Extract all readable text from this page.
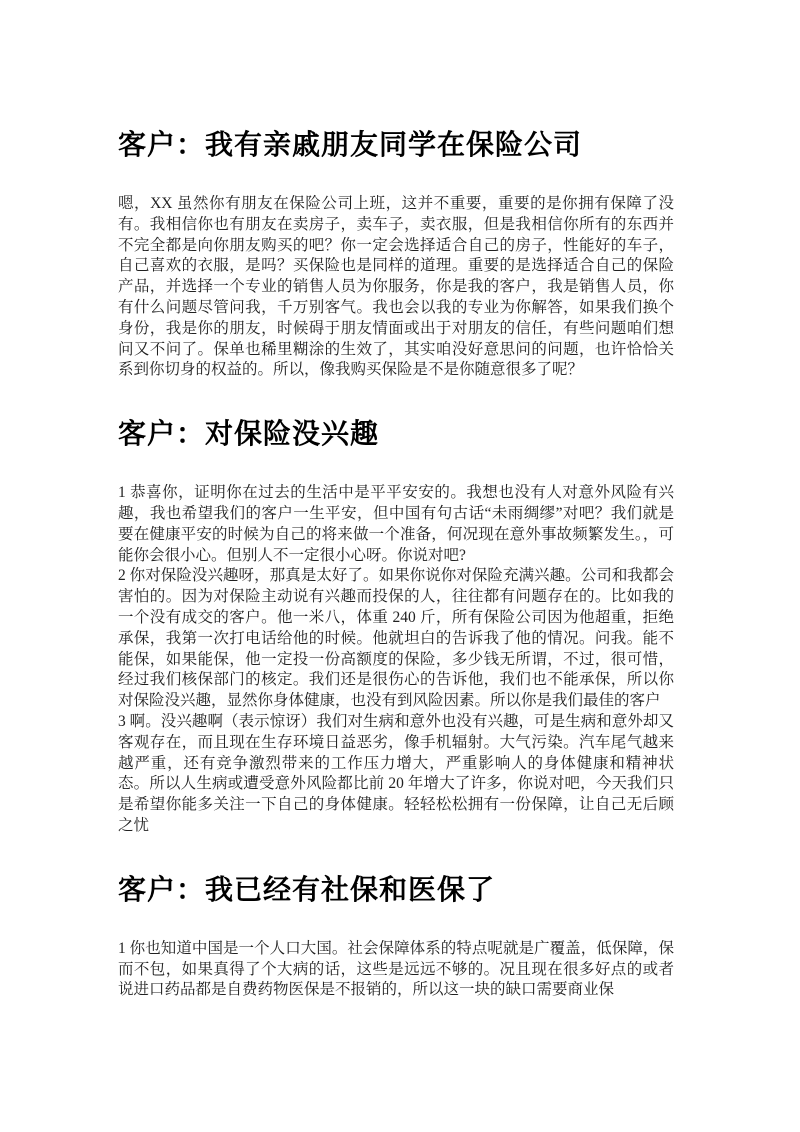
客户：我有亲戚朋友同学在保险公司

嗯，XX 虽然你有朋友在保险公司上班，这并不重要，重要的是你拥有保障了没有。我相信你也有朋友在卖房子，卖车子，卖衣服，但是我相信你所有的东西并不完全都是向你朋友购买的吧？你一定会选择适合自己的房子，性能好的车子，自己喜欢的衣服，是吗？买保险也是同样的道理。重要的是选择适合自己的保险产品，并选择一个专业的销售人员为你服务，你是我的客户，我是销售人员，你有什么问题尽管问我，千万别客气。我也会以我的专业为你解答，如果我们换个身份，我是你的朋友，时候碍于朋友情面或出于对朋友的信任，有些问题咱们想问又不问了。保单也稀里糊涂的生效了，其实咱没好意思问的问题，也许恰恰关系到你切身的权益的。所以，像我购买保险是不是你随意很多了呢？

客户：对保险没兴趣

1 恭喜你，证明你在过去的生活中是平平安安的。我想也没有人对意外风险有兴趣，我也希望我们的客户一生平安，但中国有句古话“未雨绸缪”对吧？我们就是要在健康平安的时候为自己的将来做一个准备，何况现在意外事故频繁发生。，可能你会很小心。但别人不一定很小心呀。你说对吧?

2 你对保险没兴趣呀，那真是太好了。如果你说你对保险充满兴趣。公司和我都会害怕的。因为对保险主动说有兴趣而投保的人，往往都有问题存在的。比如我的一个没有成交的客户。他一米八，体重 240 斤，所有保险公司因为他超重，拒绝承保，我第一次打电话给他的时候。他就坦白的告诉我了他的情况。问我。能不能保，如果能保，他一定投一份高额度的保险，多少钱无所谓，不过，很可惜，经过我们核保部门的核定。我们还是很伤心的告诉他，我们也不能承保，所以你对保险没兴趣，显然你身体健康，也没有到风险因素。所以你是我们最佳的客户

3 啊。没兴趣啊（表示惊讶）我们对生病和意外也没有兴趣，可是生病和意外却又客观存在，而且现在生存环境日益恶劣，像手机辐射。大气污染。汽车尾气越来越严重，还有竞争激烈带来的工作压力增大，严重影响人的身体健康和精神状态。所以人生病或遭受意外风险都比前 20 年增大了许多，你说对吧，今天我们只是希望你能多关注一下自己的身体健康。轻轻松松拥有一份保障，让自己无后顾之忧

客户：我已经有社保和医保了

1 你也知道中国是一个人口大国。社会保障体系的特点呢就是广覆盖，低保障，保而不包，如果真得了个大病的话，这些是远远不够的。况且现在很多好点的或者说进口药品都是自费药物医保是不报销的，所以这一块的缺口需要商业保
